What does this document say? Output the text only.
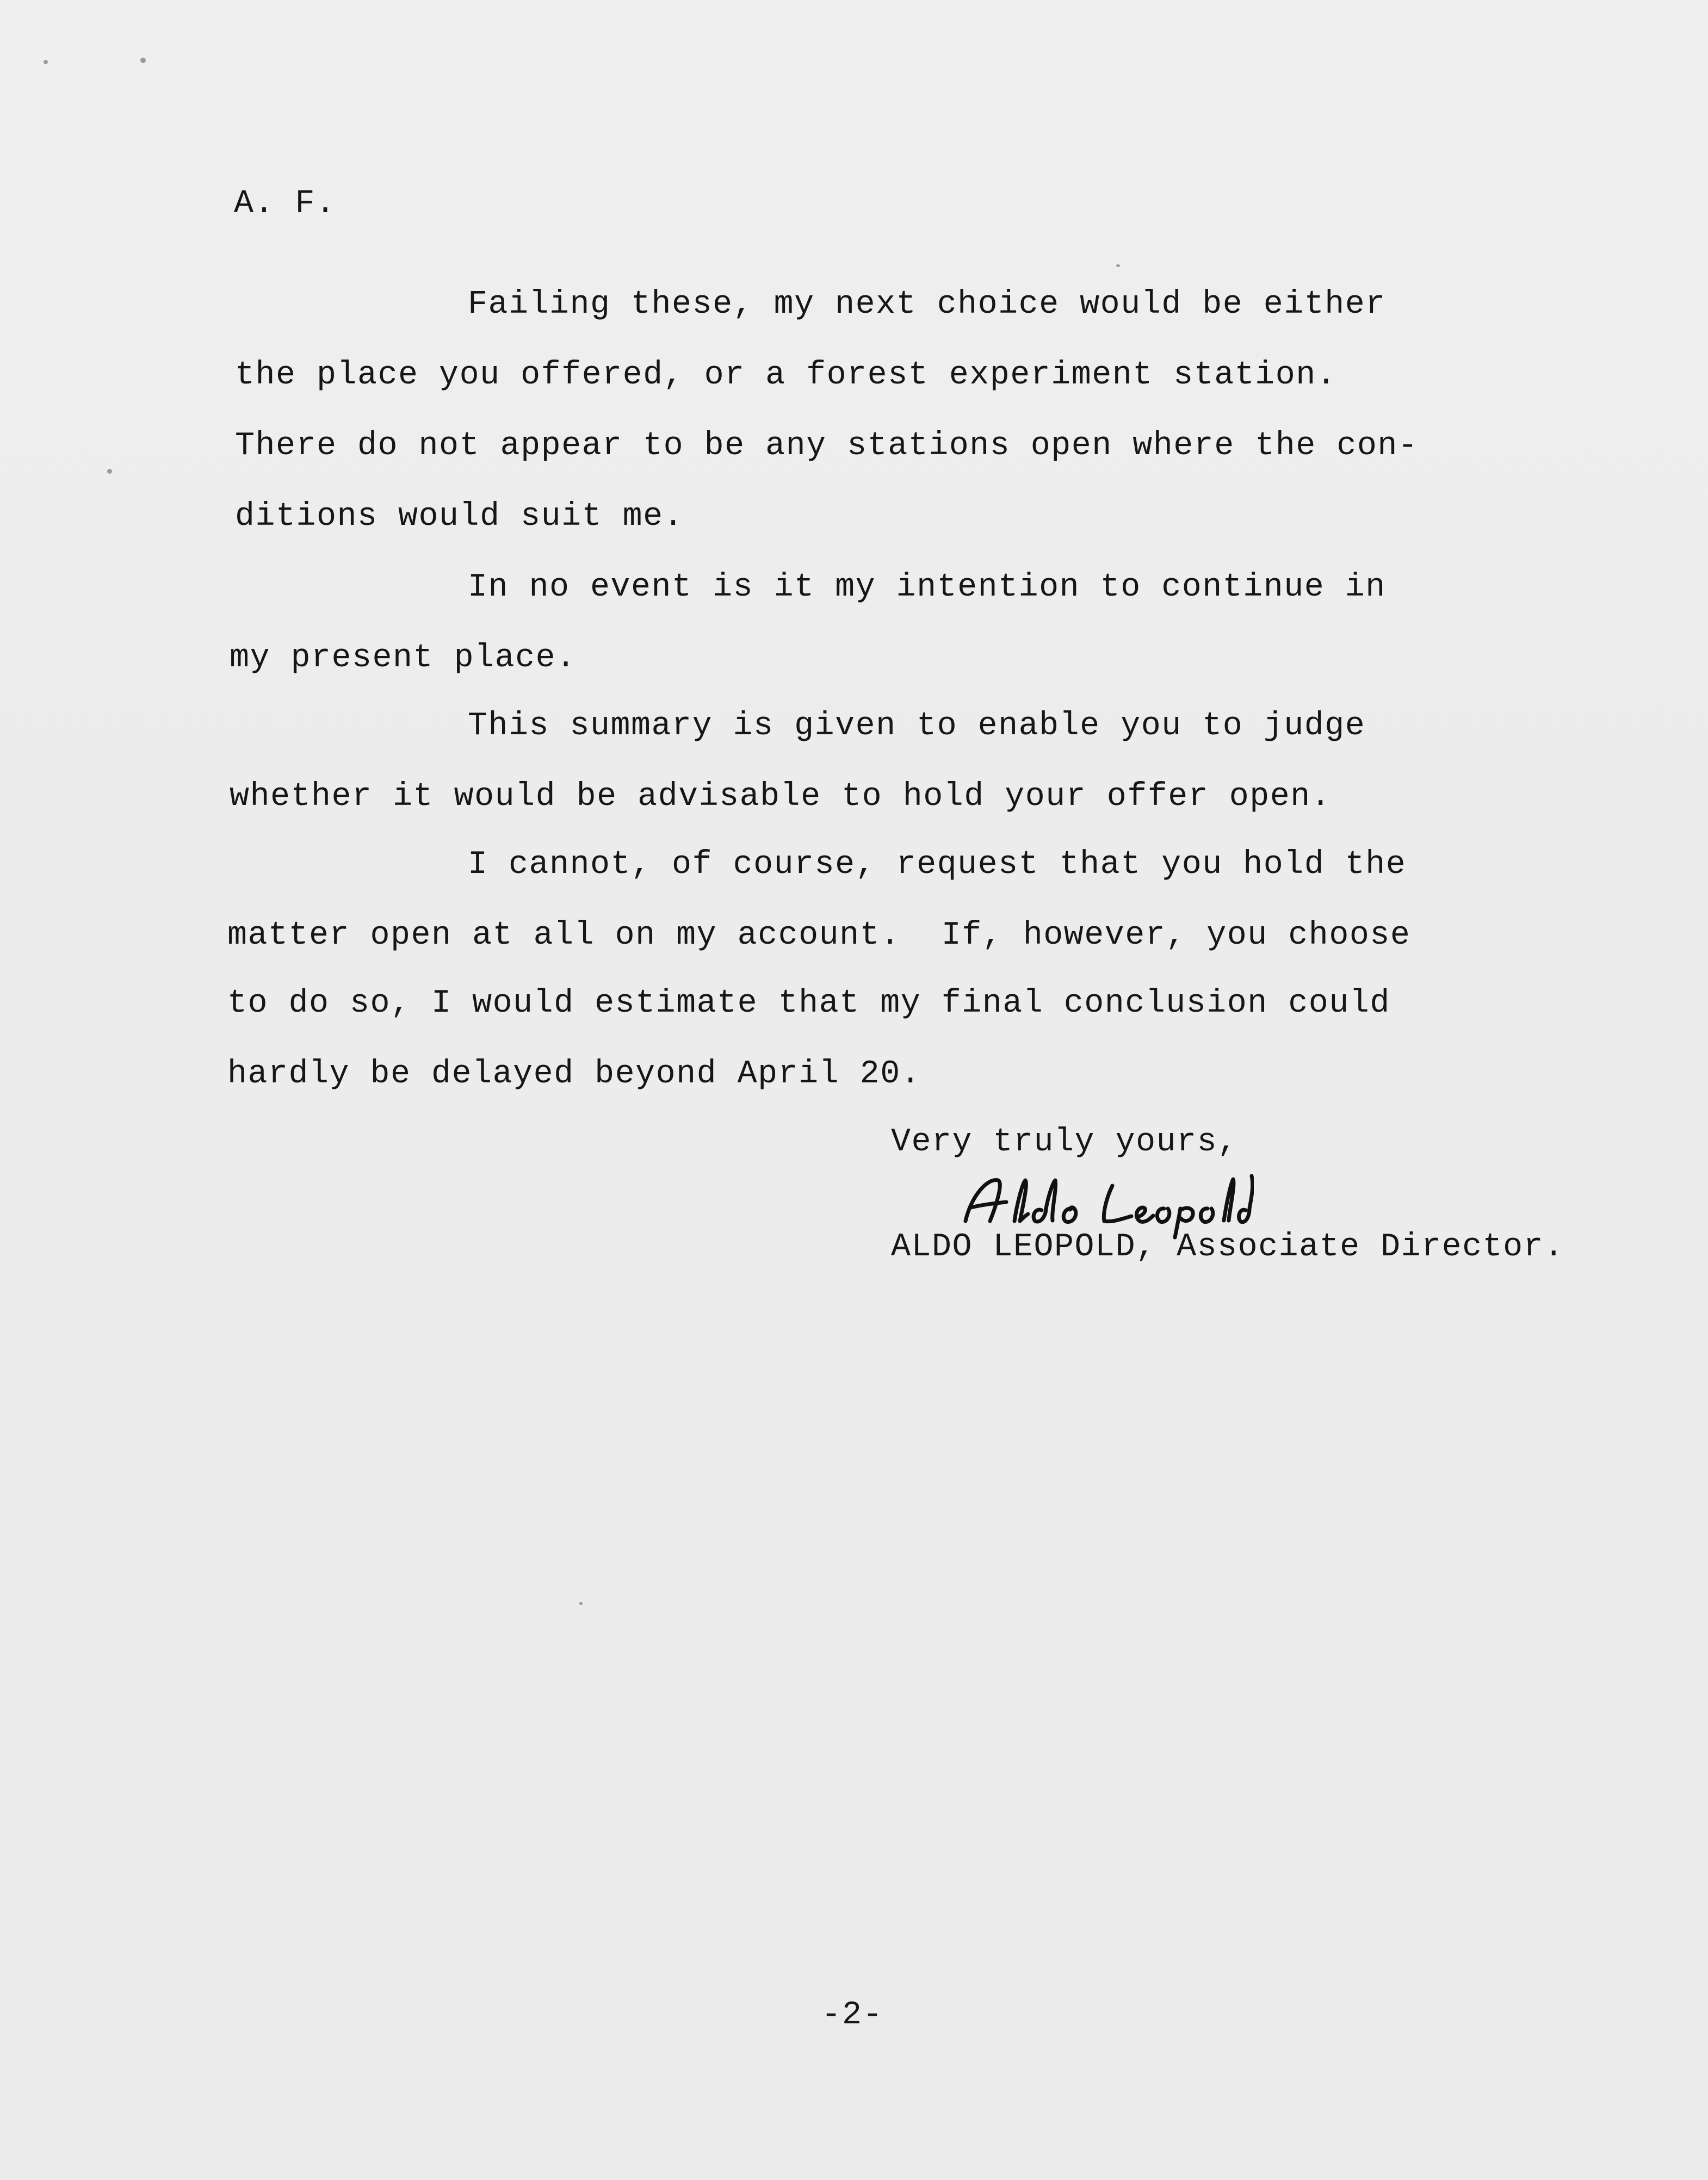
A. F.
Failing these, my next choice would be either
the place you offered, or a forest experiment station.
There do not appear to be any stations open where the con-
ditions would suit me.
In no event is it my intention to continue in
my present place.
This summary is given to enable you to judge
whether it would be advisable to hold your offer open.
I cannot, of course, request that you hold the
matter open at all on my account.  If, however, you choose
to do so, I would estimate that my final conclusion could
hardly be delayed beyond April 20.
Very truly yours,
ALDO LEOPOLD, Associate Director.
-2-
